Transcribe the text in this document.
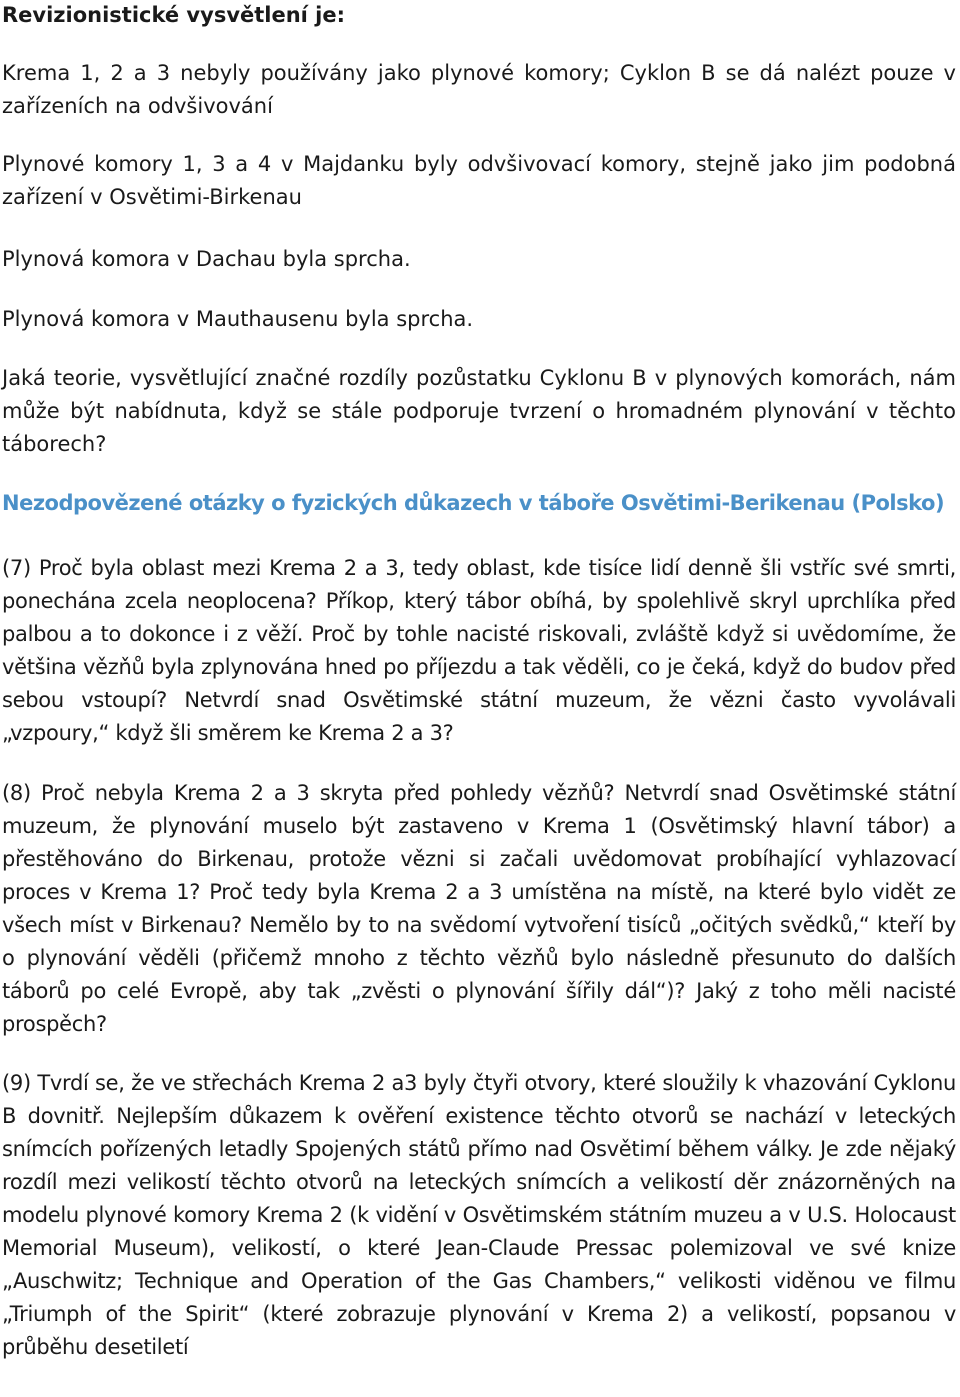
Revizionistické vysvětlení je:

Krema 1, 2 a 3 nebyly používány jako plynové komory; Cyklon B se dá nalézt pouze v zařízeních na odvšivování

Plynové komory 1, 3 a 4 v Majdanku byly odvšivovací komory, stejně jako jim podobná zařízení v Osvětimi-Birkenau

Plynová komora v Dachau byla sprcha.

Plynová komora v Mauthausenu byla sprcha.

Jaká teorie, vysvětlující značné rozdíly pozůstatku Cyklonu B v plynových komorách, nám může být nabídnuta, když se stále podporuje tvrzení o hromadném plynování v těchto táborech?

Nezodpovězené otázky o fyzických důkazech v táboře Osvětimi-Berikenau (Polsko)

(7) Proč byla oblast mezi Krema 2 a 3, tedy oblast, kde tisíce lidí denně šli vstříc své smrti, ponechána zcela neoplocena? Příkop, který tábor obíhá, by spolehlivě skryl uprchlíka před palbou a to dokonce i z věží. Proč by tohle nacisté riskovali, zvláště když si uvědomíme, že většina vězňů byla zplynována hned po příjezdu a tak věděli, co je čeká, když do budov před sebou vstoupí? Netvrdí snad Osvětimské státní muzeum, že vězni často vyvolávali „vzpoury,“ když šli směrem ke Krema 2 a 3?

(8) Proč nebyla Krema 2 a 3 skryta před pohledy vězňů? Netvrdí snad Osvětimské státní muzeum, že plynování muselo být zastaveno v Krema 1 (Osvětimský hlavní tábor) a přestěhováno do Birkenau, protože vězni si začali uvědomovat probíhající vyhlazovací proces v Krema 1? Proč tedy byla Krema 2 a 3 umístěna na místě, na které bylo vidět ze všech míst v Birkenau? Nemělo by to na svědomí vytvoření tisíců „očitých svědků,“ kteří by o plynování věděli (přičemž mnoho z těchto vězňů bylo následně přesunuto do dalších táborů po celé Evropě, aby tak „zvěsti o plynování šířily dál“)? Jaký z toho měli nacisté prospěch?

(9) Tvrdí se, že ve střechách Krema 2 a3 byly čtyři otvory, které sloužily k vhazování Cyklonu B dovnitř. Nejlepším důkazem k ověření existence těchto otvorů se nachází v leteckých snímcích pořízených letadly Spojených států přímo nad Osvětimí během války. Je zde nějaký rozdíl mezi velikostí těchto otvorů na leteckých snímcích a velikostí děr znázorněných na modelu plynové komory Krema 2 (k vidění v Osvětimském státním muzeu a v U.S. Holocaust Memorial Museum), velikostí, o které Jean-Claude Pressac polemizoval ve své knize „Auschwitz; Technique and Operation of the Gas Chambers,“ velikosti viděnou ve filmu „Triumph of the Spirit“ (které zobrazuje plynování v Krema 2) a velikostí, popsanou v průběhu desetiletí
